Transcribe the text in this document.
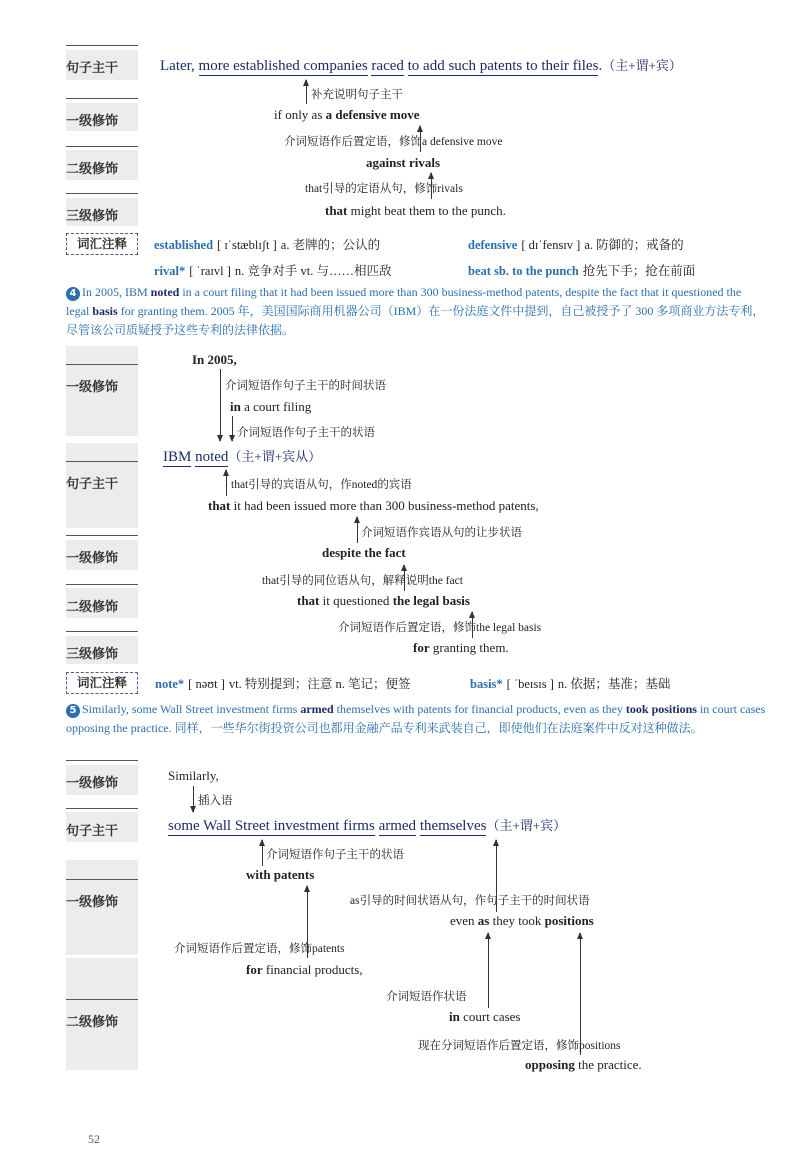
句子主干	Later, more established companies raced to add such patents to their files.（主+谓+宾）
补充说明句子主干
一级修饰	if only as a defensive move
介词短语作后置定语，修饰a defensive move
二级修饰	against rivals
that引导的定语从句，修饰rivals
三级修饰	that might beat them to the punch.
词汇注释	established [ ɪˈstæblɪʃt ] a. 老牌的；公认的	defensive [ dɪˈfensɪv ] a. 防御的；戒备的
rival* [ ˈraɪvl ] n. 竞争对手 vt. 与……相匹敌	beat sb. to the punch 抢先下手；抢在前面
4 In 2005, IBM noted in a court filing that it had been issued more than 300 business-method patents, despite the fact that it questioned the legal basis for granting them. 2005 年，美国国际商用机器公司（IBM）在一份法庭文件中提到，自己被授予了 300 多项商业方法专利，尽管该公司质疑授予这些专利的法律依据。
一级修饰
In 2005,
介词短语作句子主干的时间状语
in a court filing
介词短语作句子主干的状语
句子主干
IBM noted（主+谓+宾从）
that引导的宾语从句，作noted的宾语
that it had been issued more than 300 business-method patents,
介词短语作宾语从句的让步状语
一级修饰	despite the fact
that引导的同位语从句，解释说明the fact
二级修饰	that it questioned the legal basis
介词短语作后置定语，修饰the legal basis
三级修饰	for granting them.
词汇注释	note* [ nəʊt ] vt. 特别提到；注意 n. 笔记；便签	basis* [ ˈbeɪsɪs ] n. 依据；基准；基础
5 Similarly, some Wall Street investment firms armed themselves with patents for financial products, even as they took positions in court cases opposing the practice. 同样，一些华尔街投资公司也都用金融产品专利来武装自己，即使他们在法庭案件中反对这种做法。
一级修饰
Similarly,
插入语
句子主干	some Wall Street investment firms armed themselves（主+谓+宾）
介词短语作句子主干的状语
一级修饰
with patents
as引导的时间状语从句，作句子主干的时间状语
even as they took positions
介词短语作后置定语，修饰patents
二级修饰
for financial products,
介词短语作状语
in court cases
现在分词短语作后置定语，修饰positions
opposing the practice.
52
